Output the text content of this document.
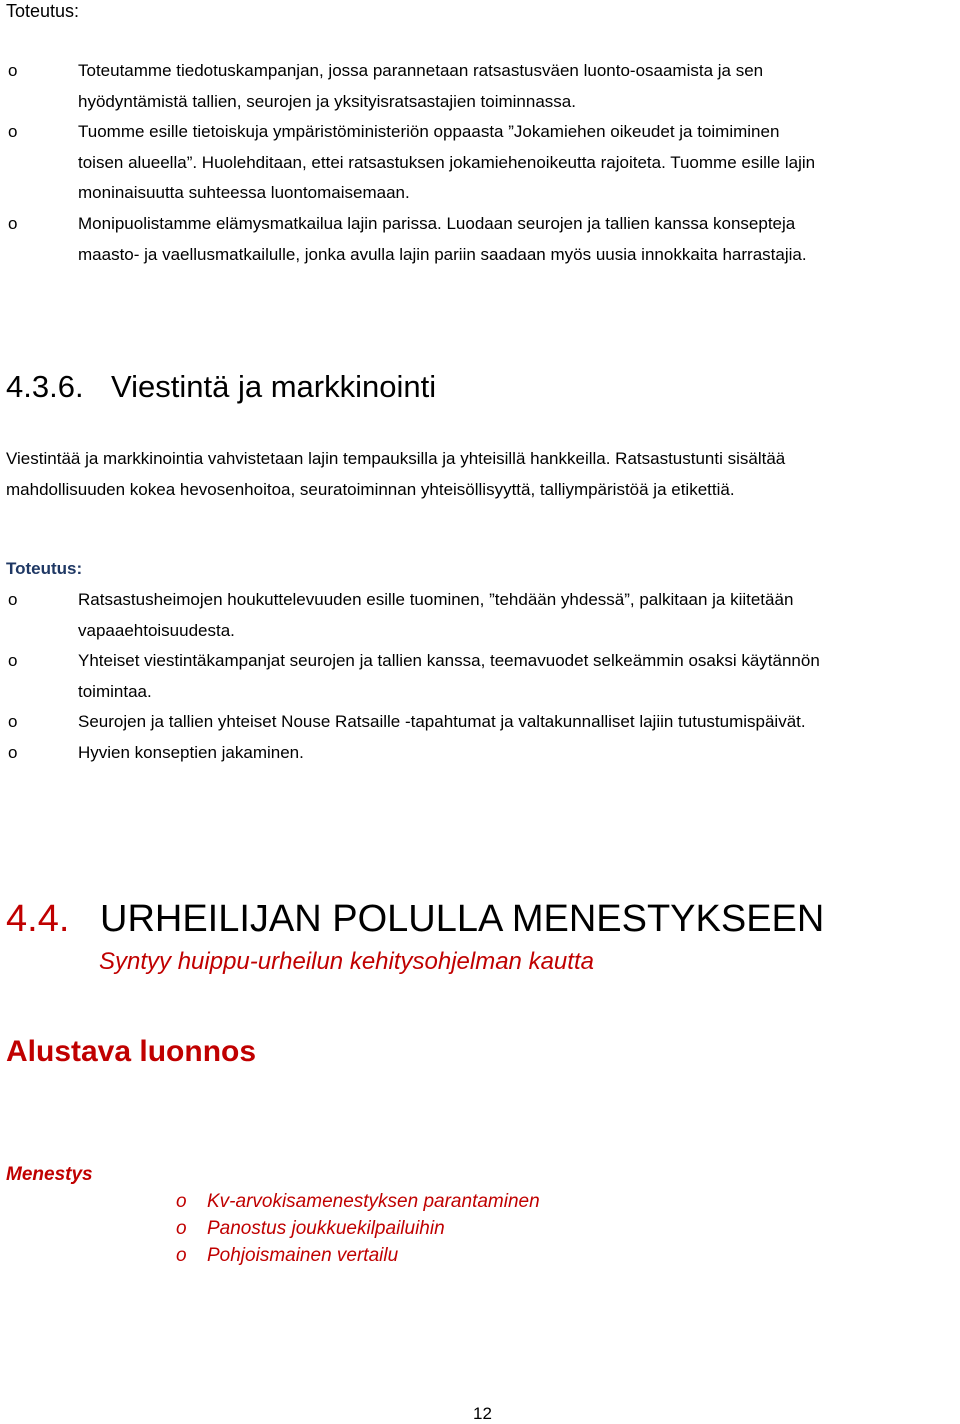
Toteutus:
o	Toteutamme tiedotuskampanjan, jossa parannetaan ratsastusväen luonto-osaamista ja sen
hyödyntämistä tallien, seurojen ja yksityisratsastajien toiminnassa.
o	Tuomme esille tietoiskuja ympäristöministeriön oppaasta ”Jokamiehen oikeudet ja toimiminen
toisen alueella”. Huolehditaan, ettei ratsastuksen jokamiehenoikeutta rajoiteta. Tuomme esille lajin
moninaisuutta suhteessa luontomaisemaan.
o	Monipuolistamme elämysmatkailua lajin parissa. Luodaan seurojen ja tallien kanssa konsepteja
maasto- ja vaellusmatkailulle, jonka avulla lajin pariin saadaan myös uusia innokkaita harrastajia.
4.3.6. Viestintä ja markkinointi
Viestintää ja markkinointia vahvistetaan lajin tempauksilla ja yhteisillä hankkeilla. Ratsastustunti sisältää
mahdollisuuden kokea hevosenhoitoa, seuratoiminnan yhteisöllisyyttä, talliympäristöä ja etikettiä.
Toteutus:
o	Ratsastusheimojen houkuttelevuuden esille tuominen, ”tehdään yhdessä”, palkitaan ja kiitetään
vapaaehtoisuudesta.
o	Yhteiset viestintäkampanjat seurojen ja tallien kanssa, teemavuodet selkeämmin osaksi käytännön
toimintaa.
o	Seurojen ja tallien yhteiset Nouse Ratsaille -tapahtumat ja valtakunnalliset lajiin tutustumispäivät.
o	Hyvien konseptien jakaminen.
4.4. URHEILIJAN POLULLA MENESTYKSEEN
Syntyy huippu-urheilun kehitysohjelman kautta
Alustava luonnos
Menestys
o Kv-arvokisamenestyksen parantaminen
o Panostus joukkuekilpailuihin
o Pohjoismainen vertailu
12
